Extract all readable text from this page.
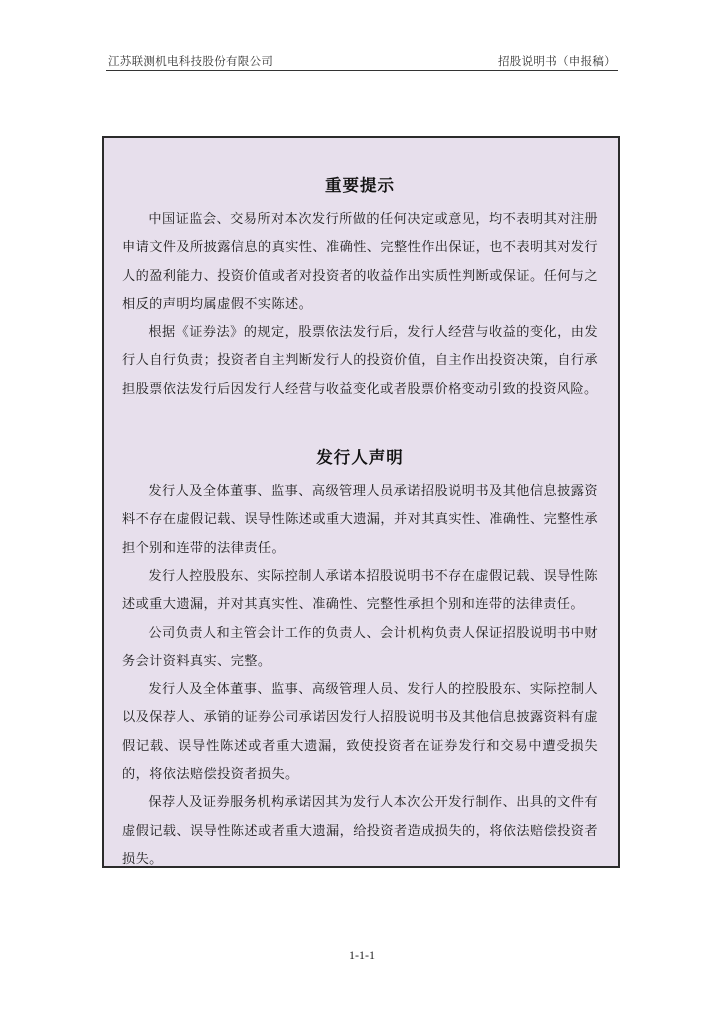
江苏联测机电科技股份有限公司	招股说明书（申报稿）
重要提示

中国证监会、交易所对本次发行所做的任何决定或意见，均不表明其对注册申请文件及所披露信息的真实性、准确性、完整性作出保证，也不表明其对发行人的盈利能力、投资价值或者对投资者的收益作出实质性判断或保证。任何与之相反的声明均属虚假不实陈述。

根据《证券法》的规定，股票依法发行后，发行人经营与收益的变化，由发行人自行负责；投资者自主判断发行人的投资价值，自主作出投资决策，自行承担股票依法发行后因发行人经营与收益变化或者股票价格变动引致的投资风险。

发行人声明

发行人及全体董事、监事、高级管理人员承诺招股说明书及其他信息披露资料不存在虚假记载、误导性陈述或重大遗漏，并对其真实性、准确性、完整性承担个别和连带的法律责任。

发行人控股股东、实际控制人承诺本招股说明书不存在虚假记载、误导性陈述或重大遗漏，并对其真实性、准确性、完整性承担个别和连带的法律责任。

公司负责人和主管会计工作的负责人、会计机构负责人保证招股说明书中财务会计资料真实、完整。

发行人及全体董事、监事、高级管理人员、发行人的控股股东、实际控制人以及保荐人、承销的证券公司承诺因发行人招股说明书及其他信息披露资料有虚假记载、误导性陈述或者重大遗漏，致使投资者在证券发行和交易中遭受损失的，将依法赔偿投资者损失。

保荐人及证券服务机构承诺因其为发行人本次公开发行制作、出具的文件有虚假记载、误导性陈述或者重大遗漏，给投资者造成损失的，将依法赔偿投资者损失。

1-1-1
